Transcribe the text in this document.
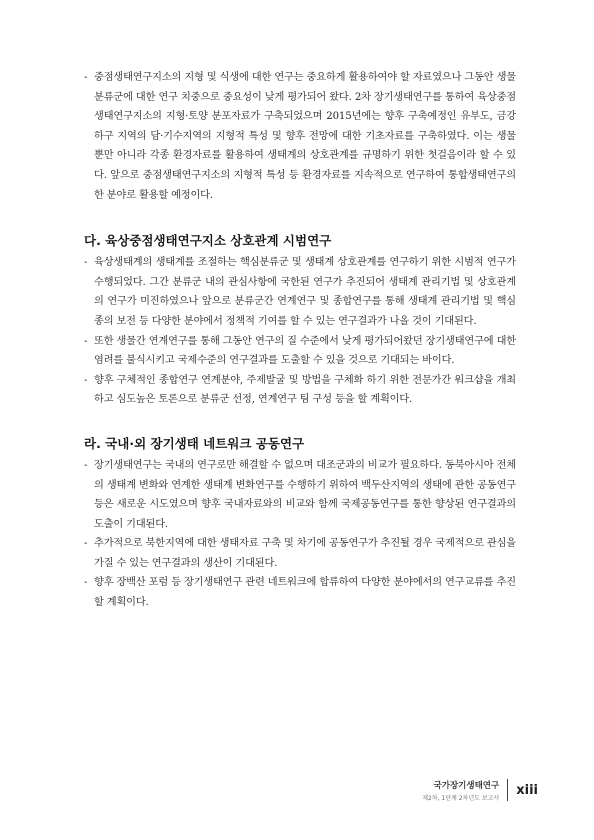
- 중점생태연구지소의 지형 및 식생에 대한 연구는 중요하게 활용하여야 할 자료였으나 그동안 생물분류군에 대한 연구 치중으로 중요성이 낮게 평가되어 왔다. 2차 장기생태연구를 통하여 육상중점생태연구지소의 지형·토양 분포자료가 구축되었으며 2015년에는 향후 구축예정인 유부도, 금강하구 지역의 담·기수지역의 지형적 특성 및 향후 전망에 대한 기초자료를 구축하였다. 이는 생물 뿐만 아니라 각종 환경자료를 활용하여 생태계의 상호관계를 규명하기 위한 첫걸음이라 할 수 있다. 앞으로 중점생태연구지소의 지형적 특성 등 환경자료를 지속적으로 연구하여 통합생태연구의 한 분야로 활용할 예정이다.

다. 육상중점생태연구지소 상호관계 시범연구

- 육상생태계의 생태계를 조절하는 핵심분류군 및 생태계 상호관계를 연구하기 위한 시범적 연구가 수행되었다. 그간 분류군 내의 관심사항에 국한된 연구가 추진되어 생태계 관리기법 및 상호관계의 연구가 미진하였으나 앞으로 분류군간 연계연구 및 종합연구를 통해 생태계 관리기법 및 핵심종의 보전 등 다양한 분야에서 정책적 기여를 할 수 있는 연구결과가 나올 것이 기대된다.

- 또한 생물간 연계연구를 통해 그동안 연구의 질 수준에서 낮게 평가되어왔던 장기생태연구에 대한 염려를 불식시키고 국제수준의 연구결과를 도출할 수 있을 것으로 기대되는 바이다.

- 향후 구체적인 종합연구 연계분야, 주제발굴 및 방법을 구체화 하기 위한 전문가간 워크샵을 개최하고 심도높은 토론으로 분류군 선정, 연계연구 팀 구성 등을 할 계획이다.

라. 국내·외 장기생태 네트워크 공동연구

- 장기생태연구는 국내의 연구로만 해결할 수 없으며 대조군과의 비교가 필요하다. 동북아시아 전체의 생태계 변화와 연계한 생태계 변화연구를 수행하기 위하여 백두산지역의 생태에 관한 공동연구 등은 새로운 시도였으며 향후 국내자료와의 비교와 함께 국제공동연구를 통한 향상된 연구결과의 도출이 기대된다.

- 추가적으로 북한지역에 대한 생태자료 구축 및 차기에 공동연구가 추진될 경우 국제적으로 관심을 가질 수 있는 연구결과의 생산이 기대된다.

- 향후 장백산 포럼 등 장기생태연구 관련 네트워크에 합류하여 다양한 분야에서의 연구교류를 추진할 계획이다.

국가장기생태연구
제2차, 1단계 2차년도 보고서
xiii
